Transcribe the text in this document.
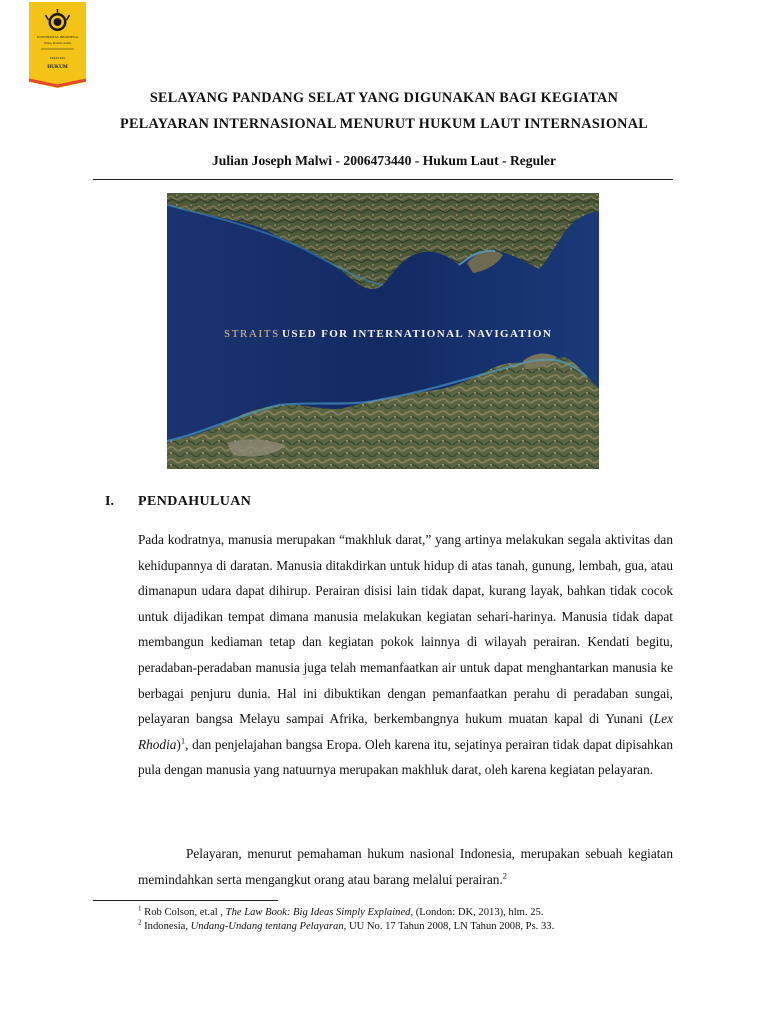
UNIVERSITAS INDONESIA
Veritas, Probitas, Iustitia
FAKULTAS
HUKUM
SELAYANG PANDANG SELAT YANG DIGUNAKAN BAGI KEGIATAN
PELAYARAN INTERNASIONAL MENURUT HUKUM LAUT INTERNASIONAL
Julian Joseph Malwi - 2006473440 - Hukum Laut - Reguler
STRAITS USED FOR INTERNATIONAL NAVIGATION
I. PENDAHULUAN

Pada kodratnya, manusia merupakan “makhluk darat,” yang artinya melakukan segala aktivitas dan kehidupannya di daratan. Manusia ditakdirkan untuk hidup di atas tanah, gunung, lembah, gua, atau dimanapun udara dapat dihirup. Perairan disisi lain tidak dapat, kurang layak, bahkan tidak cocok untuk dijadikan tempat dimana manusia melakukan kegiatan sehari-harinya. Manusia tidak dapat membangun kediaman tetap dan kegiatan pokok lainnya di wilayah perairan. Kendati begitu, peradaban-peradaban manusia juga telah memanfaatkan air untuk dapat menghantarkan manusia ke berbagai penjuru dunia. Hal ini dibuktikan dengan pemanfaatkan perahu di peradaban sungai, pelayaran bangsa Melayu sampai Afrika, berkembangnya hukum muatan kapal di Yunani (Lex Rhodia)$^1$, dan penjelajahan bangsa Eropa. Oleh karena itu, sejatinya perairan tidak dapat dipisahkan pula dengan manusia yang natuurnya merupakan makhluk darat, oleh karena kegiatan pelayaran.

Pelayaran, menurut pemahaman hukum nasional Indonesia, merupakan sebuah kegiatan memindahkan serta mengangkut orang atau barang melalui perairan.$^2$

$^1$ Rob Colson, et.al , The Law Book: Big Ideas Simply Explained, (London: DK, 2013), hlm. 25.
$^2$ Indonesia, Undang-Undang tentang Pelayaran, UU No. 17 Tahun 2008, LN Tahun 2008, Ps. 33.
